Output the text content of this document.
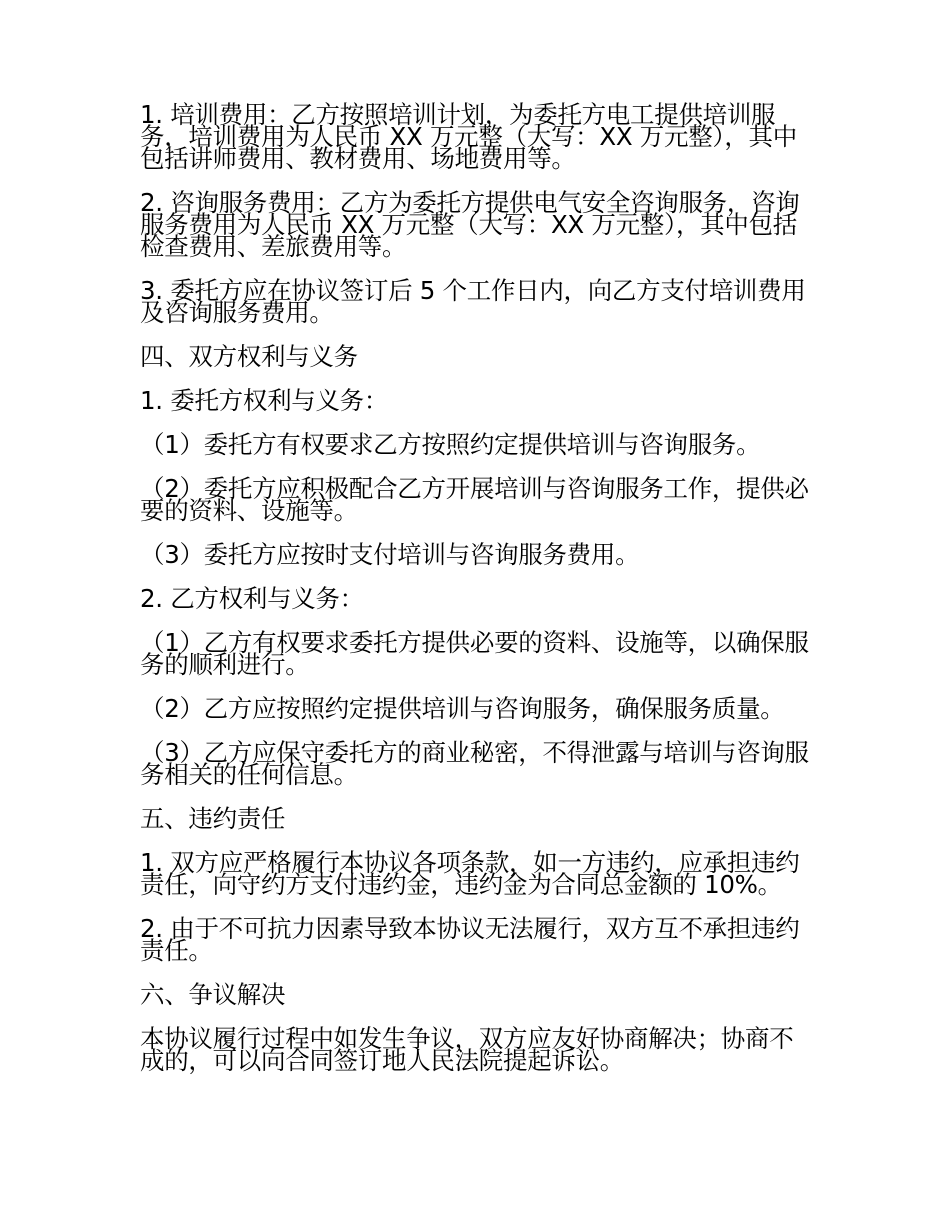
1. 培训费用：乙方按照培训计划，为委托方电工提供培训服务，培训费用为人民币 XX 万元整（大写：XX 万元整），其中包括讲师费用、教材费用、场地费用等。

2. 咨询服务费用：乙方为委托方提供电气安全咨询服务，咨询服务费用为人民币 XX 万元整（大写：XX 万元整），其中包括检查费用、差旅费用等。

3. 委托方应在协议签订后 5 个工作日内，向乙方支付培训费用及咨询服务费用。

四、双方权利与义务

1. 委托方权利与义务：

（1）委托方有权要求乙方按照约定提供培训与咨询服务。

（2）委托方应积极配合乙方开展培训与咨询服务工作，提供必要的资料、设施等。

（3）委托方应按时支付培训与咨询服务费用。

2. 乙方权利与义务：

（1）乙方有权要求委托方提供必要的资料、设施等，以确保服务的顺利进行。

（2）乙方应按照约定提供培训与咨询服务，确保服务质量。

（3）乙方应保守委托方的商业秘密，不得泄露与培训与咨询服务相关的任何信息。

五、违约责任

1. 双方应严格履行本协议各项条款，如一方违约，应承担违约责任，向守约方支付违约金，违约金为合同总金额的 10%。

2. 由于不可抗力因素导致本协议无法履行，双方互不承担违约责任。

六、争议解决

本协议履行过程中如发生争议，双方应友好协商解决；协商不成的，可以向合同签订地人民法院提起诉讼。
